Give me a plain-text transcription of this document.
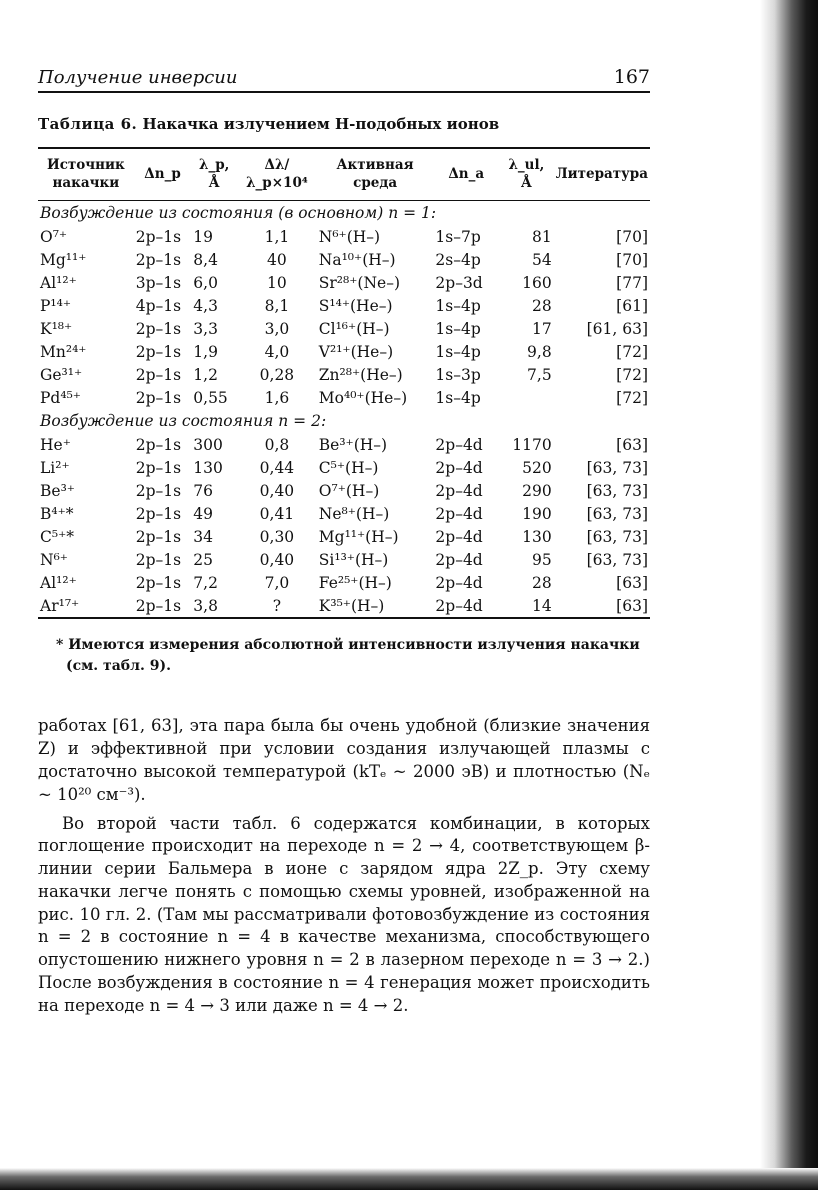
Получение инверсии	167
Таблица 6. Накачка излучением Н-подобных ионов
Источник накачки	Δn_p	λ_p, Å	Δλ/λ_p×10⁴	Активная среда	Δn_a	λ_ul, Å	Литература
Возбуждение из состояния (в основном) n = 1:							
O⁷⁺	2p–1s	19	1,1	N⁶⁺(H–)	1s–7p	81	[70]
Mg¹¹⁺	2p–1s	8,4	40	Na¹⁰⁺(H–)	2s–4p	54	[70]
Al¹²⁺	3p–1s	6,0	10	Sr²⁸⁺(Ne–)	2p–3d	160	[77]
P¹⁴⁺	4p–1s	4,3	8,1	S¹⁴⁺(He–)	1s–4p	28	[61]
K¹⁸⁺	2p–1s	3,3	3,0	Cl¹⁶⁺(H–)	1s–4p	17	[61, 63]
Mn²⁴⁺	2p–1s	1,9	4,0	V²¹⁺(He–)	1s–4p	9,8	[72]
Ge³¹⁺	2p–1s	1,2	0,28	Zn²⁸⁺(He–)	1s–3p	7,5	[72]
Pd⁴⁵⁺	2p–1s	0,55	1,6	Mo⁴⁰⁺(He–)	1s–4p		[72]
Возбуждение из состояния n = 2:							
He⁺	2p–1s	300	0,8	Be³⁺(H–)	2p–4d	1170	[63]
Li²⁺	2p–1s	130	0,44	C⁵⁺(H–)	2p–4d	520	[63, 73]
Be³⁺	2p–1s	76	0,40	O⁷⁺(H–)	2p–4d	290	[63, 73]
B⁴⁺*	2p–1s	49	0,41	Ne⁸⁺(H–)	2p–4d	190	[63, 73]
C⁵⁺*	2p–1s	34	0,30	Mg¹¹⁺(H–)	2p–4d	130	[63, 73]
N⁶⁺	2p–1s	25	0,40	Si¹³⁺(H–)	2p–4d	95	[63, 73]
Al¹²⁺	2p–1s	7,2	7,0	Fe²⁵⁺(H–)	2p–4d	28	[63]
Ar¹⁷⁺	2p–1s	3,8	?	K³⁵⁺(H–)	2p–4d	14	[63]
* Имеются измерения абсолютной интенсивности излучения накачки (см. табл. 9).

работах [61, 63], эта пара была бы очень удобной (близкие значения Z) и эффективной при условии создания излучающей плазмы с достаточно высокой температурой (kTₑ ~ 2000 эВ) и плотностью (Nₑ ~ 10²⁰ см⁻³).

Во второй части табл. 6 содержатся комбинации, в которых поглощение происходит на переходе n = 2 → 4, соответствующем β-линии серии Бальмера в ионе с зарядом ядра 2Z_p. Эту схему накачки легче понять с помощью схемы уровней, изображенной на рис. 10 гл. 2. (Там мы рассматривали фотовозбуждение из состояния n = 2 в состояние n = 4 в качестве механизма, способствующего опустошению нижнего уровня n = 2 в лазерном переходе n = 3 → 2.) После возбуждения в состояние n = 4 генерация может происходить на переходе n = 4 → 3 или даже n = 4 → 2.
